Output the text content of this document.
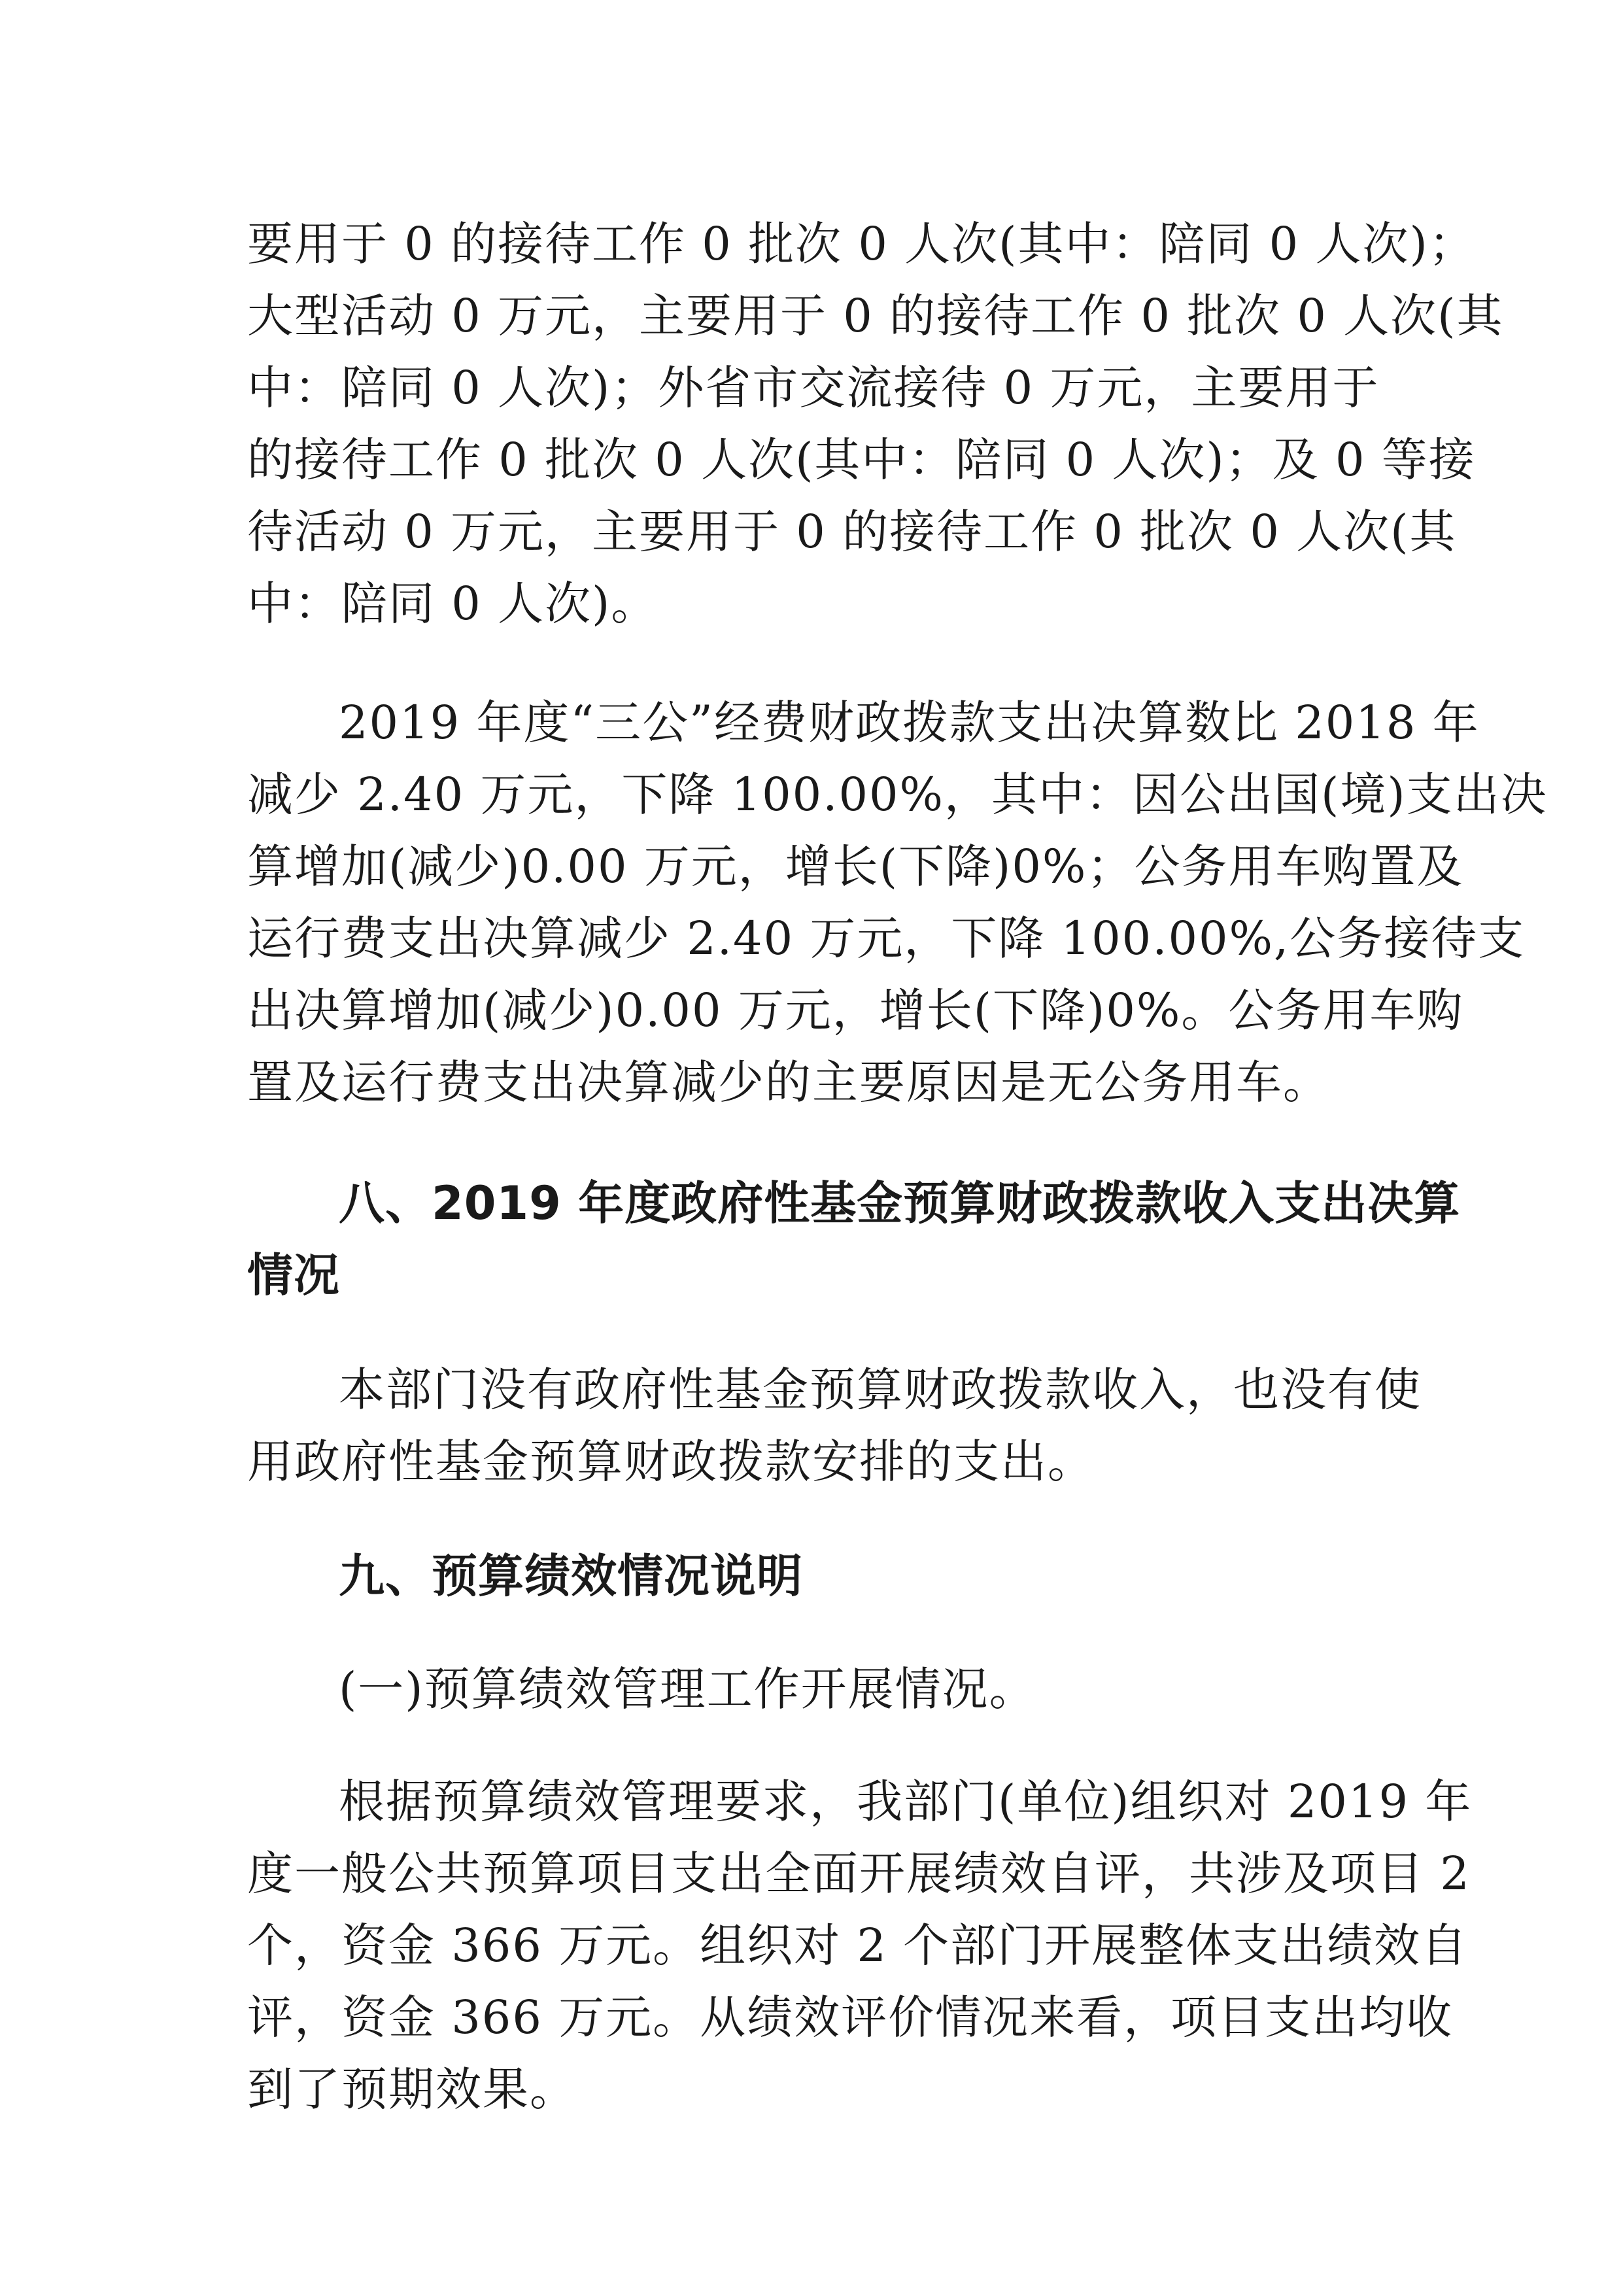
要用于 0 的接待工作 0 批次 0 人次(其中：陪同 0 人次)；
大型活动 0 万元，主要用于 0 的接待工作 0 批次 0 人次(其
中：陪同 0 人次)；外省市交流接待 0 万元，主要用于
的接待工作 0 批次 0 人次(其中：陪同 0 人次)；及 0 等接
待活动 0 万元，主要用于 0 的接待工作 0 批次 0 人次(其
中：陪同 0 人次)。
2019 年度“三公”经费财政拨款支出决算数比 2018 年
减少 2.40 万元，下降 100.00%，其中：因公出国(境)支出决
算增加(减少)0.00 万元，增长(下降)0%；公务用车购置及
运行费支出决算减少 2.40 万元，下降 100.00%,公务接待支
出决算增加(减少)0.00 万元，增长(下降)0%。公务用车购
置及运行费支出决算减少的主要原因是无公务用车。
八、2019 年度政府性基金预算财政拨款收入支出决算
情况
本部门没有政府性基金预算财政拨款收入，也没有使
用政府性基金预算财政拨款安排的支出。
九、预算绩效情况说明
(一)预算绩效管理工作开展情况。
根据预算绩效管理要求，我部门(单位)组织对 2019 年
度一般公共预算项目支出全面开展绩效自评，共涉及项目 2
个，资金 366 万元。组织对 2 个部门开展整体支出绩效自
评，资金 366 万元。从绩效评价情况来看，项目支出均收
到了预期效果。
